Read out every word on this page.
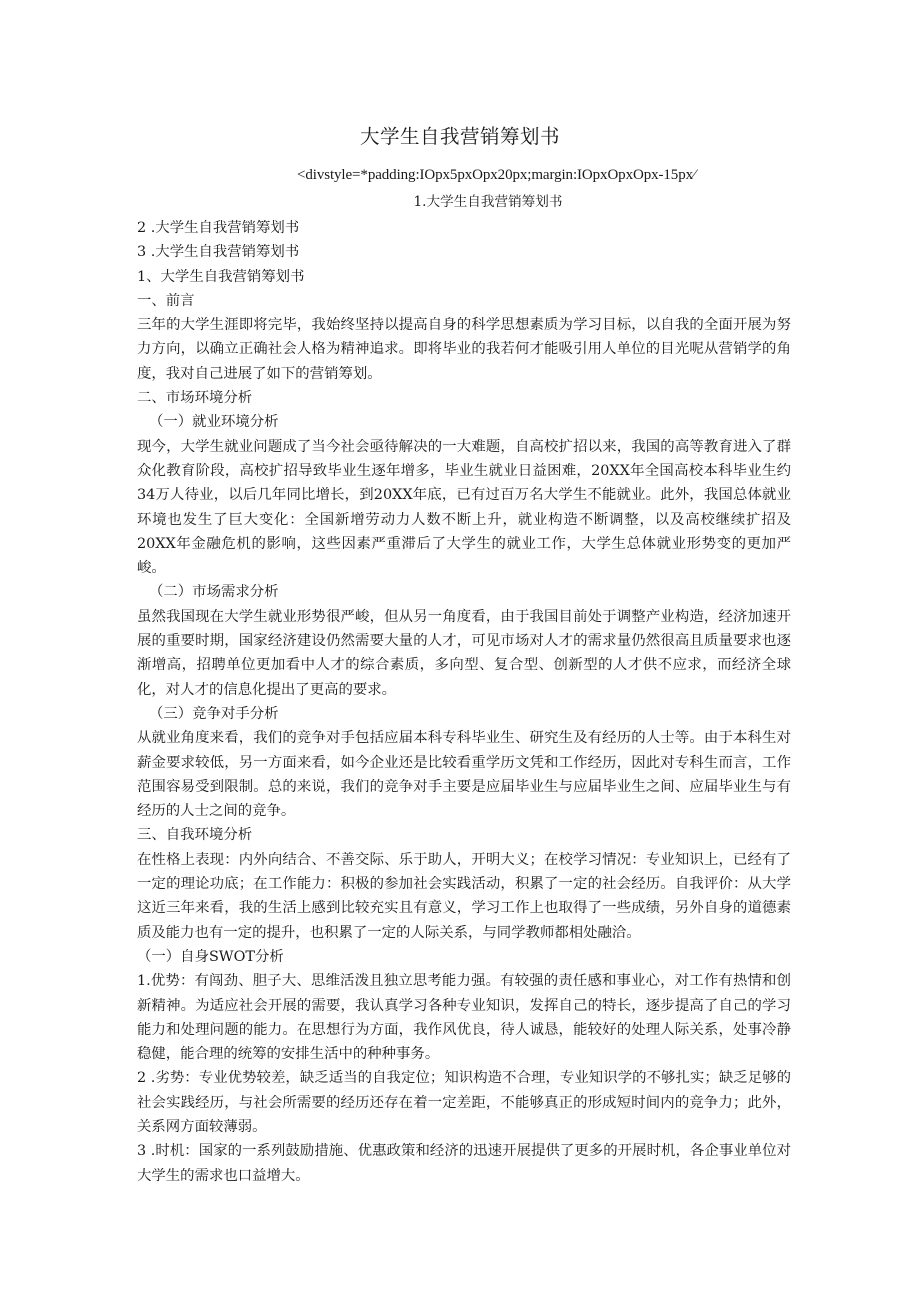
大学生自我营销筹划书
<divstyle=*padding:IOpx5pxOpx20px;margin:IOpxOpxOpx-15px⁄
1.大学生自我营销筹划书

2 .大学生自我营销筹划书

3 .大学生自我营销筹划书

1、大学生自我营销筹划书

一、前言

三年的大学生涯即将完毕，我始终坚持以提高自身的科学思想素质为学习目标，以自我的全面开展为努力方向，以确立正确社会人格为精神追求。即将毕业的我若何才能吸引用人单位的目光呢从营销学的角度，我对自己进展了如下的营销筹划。

二、市场环境分析

（一）就业环境分析

现今，大学生就业问题成了当今社会亟待解决的一大难题，自高校扩招以来，我国的高等教育进入了群众化教育阶段，高校扩招导致毕业生逐年增多，毕业生就业日益困难，20XX年全国高校本科毕业生约34万人待业，以后几年同比增长，到20XX年底，已有过百万名大学生不能就业。此外，我国总体就业环境也发生了巨大变化：全国新增劳动力人数不断上升，就业构造不断调整，以及高校继续扩招及20XX年金融危机的影响，这些因素严重滞后了大学生的就业工作，大学生总体就业形势变的更加严峻。

（二）市场需求分析

虽然我国现在大学生就业形势很严峻，但从另一角度看，由于我国目前处于调整产业构造，经济加速开展的重要时期，国家经济建设仍然需要大量的人才，可见市场对人才的需求量仍然很高且质量要求也逐渐增高，招聘单位更加看中人才的综合素质，多向型、复合型、创新型的人才供不应求，而经济全球化，对人才的信息化提出了更高的要求。

（三）竞争对手分析

从就业角度来看，我们的竞争对手包括应届本科专科毕业生、研究生及有经历的人士等。由于本科生对薪金要求较低，另一方面来看，如今企业还是比较看重学历文凭和工作经历，因此对专科生而言，工作范围容易受到限制。总的来说，我们的竞争对手主要是应届毕业生与应届毕业生之间、应届毕业生与有经历的人士之间的竞争。

三、自我环境分析

在性格上表现：内外向结合、不善交际、乐于助人，开明大义；在校学习情况：专业知识上，已经有了一定的理论功底；在工作能力：积极的参加社会实践活动，积累了一定的社会经历。自我评价：从大学这近三年来看，我的生活上感到比较充实且有意义，学习工作上也取得了一些成绩，另外自身的道德素质及能力也有一定的提升，也积累了一定的人际关系，与同学教师都相处融洽。

（一）自身SWOT分析

1.优势：有闯劲、胆子大、思维活泼且独立思考能力强。有较强的责任感和事业心，对工作有热情和创新精神。为适应社会开展的需要，我认真学习各种专业知识，发挥自己的特长，逐步提高了自己的学习能力和处理问题的能力。在思想行为方面，我作风优良，待人诚恳，能较好的处理人际关系，处事冷静稳健，能合理的统筹的安排生活中的种种事务。

2 .劣势：专业优势较差，缺乏适当的自我定位；知识构造不合理，专业知识学的不够扎实；缺乏足够的社会实践经历，与社会所需要的经历还存在着一定差距，不能够真正的形成短时间内的竞争力；此外，关系网方面较薄弱。

3 .时机：国家的一系列鼓励措施、优惠政策和经济的迅速开展提供了更多的开展时机，各企事业单位对大学生的需求也口益增大。
